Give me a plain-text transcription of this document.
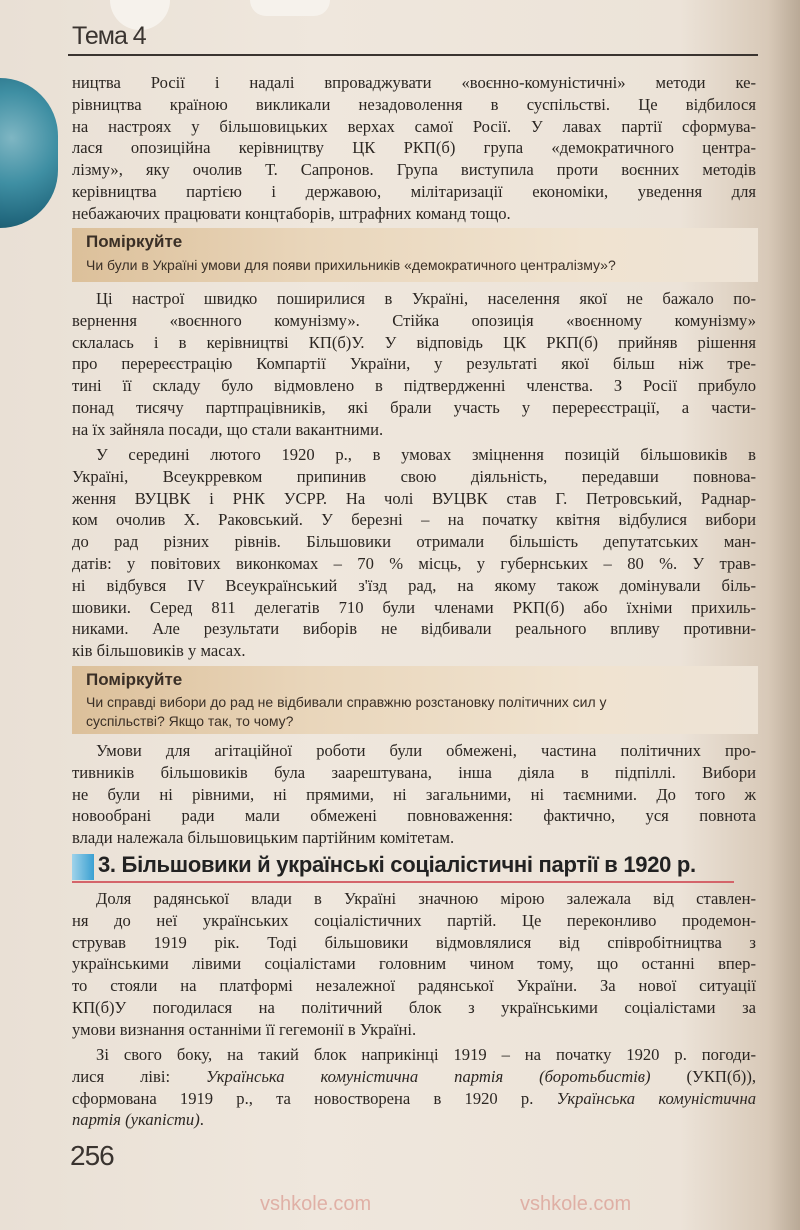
Тема 4
Поміркуйте
Чи були в Україні умови для появи прихильників «демократичного централізму»?
Поміркуйте
Чи справді вибори до рад не відбивали справжню розстановку політичних сил у
суспільстві? Якщо так, то чому?
3. Більшовики й українські соціалістичні партії в 1920 р.
ництва Росії і надалі впроваджувати «воєнно-комуністичні» методи ке-
рівництва країною викликали незадоволення в суспільстві. Це відбилося
на настроях у більшовицьких верхах самої Росії. У лавах партії сформува-
лася опозиційна керівництву ЦК РКП(б) група «демократичного центра-
лізму», яку очолив Т. Сапронов. Група виступила проти воєнних методів
керівництва партією і державою, мілітаризації економіки, уведення для
небажаючих працювати концтаборів, штрафних команд тощо.
Ці настрої швидко поширилися в Україні, населення якої не бажало по-
вернення «воєнного комунізму». Стійка опозиція «воєнному комунізму»
склалась і в керівництві КП(б)У. У відповідь ЦК РКП(б) прийняв рішення
про перереєстрацію Компартії України, у результаті якої більш ніж тре-
тині її складу було відмовлено в підтвердженні членства. З Росії прибуло
понад тисячу партпрацівників, які брали участь у перереєстрації, а части-
на їх зайняла посади, що стали вакантними.
У середині лютого 1920 р., в умовах зміцнення позицій більшовиків в
Україні, Всеукрревком припинив свою діяльність, передавши повнова-
ження ВУЦВК і РНК УСРР. На чолі ВУЦВК став Г. Петровський, Раднар-
ком очолив Х. Раковський. У березні – на початку квітня відбулися вибори
до рад різних рівнів. Більшовики отримали більшість депутатських ман-
датів: у повітових виконкомах – 70 % місць, у губернських – 80 %. У трав-
ні відбувся IV Всеукраїнський з'їзд рад, на якому також домінували біль-
шовики. Серед 811 делегатів 710 були членами РКП(б) або їхніми прихиль-
никами. Але результати виборів не відбивали реального впливу противни-
ків більшовиків у масах.
Умови для агітаційної роботи були обмежені, частина політичних про-
тивників більшовиків була заарештувана, інша діяла в підпіллі. Вибори
не були ні рівними, ні прямими, ні загальними, ні таємними. До того ж
новообрані ради мали обмежені повноваження: фактично, уся повнота
влади належала більшовицьким партійним комітетам.
Доля радянської влади в Україні значною мірою залежала від ставлен-
ня до неї українських соціалістичних партій. Це переконливо продемон-
стрував 1919 рік. Тоді більшовики відмовлялися від співробітництва з
українськими лівими соціалістами головним чином тому, що останні впер-
то стояли на платформі незалежної радянської України. За нової ситуації
КП(б)У погодилася на політичний блок з українськими соціалістами за
умови визнання останніми її гегемонії в Україні.
Зі свого боку, на такий блок наприкінці 1919 – на початку 1920 р. погоди-
лися ліві: Українська комуністична партія (боротьбистів) (УКП(б)),
сформована 1919 р., та новостворена в 1920 р. Українська комуністична
партія (укапісти).
256
vshkole.com	vshkole.com
